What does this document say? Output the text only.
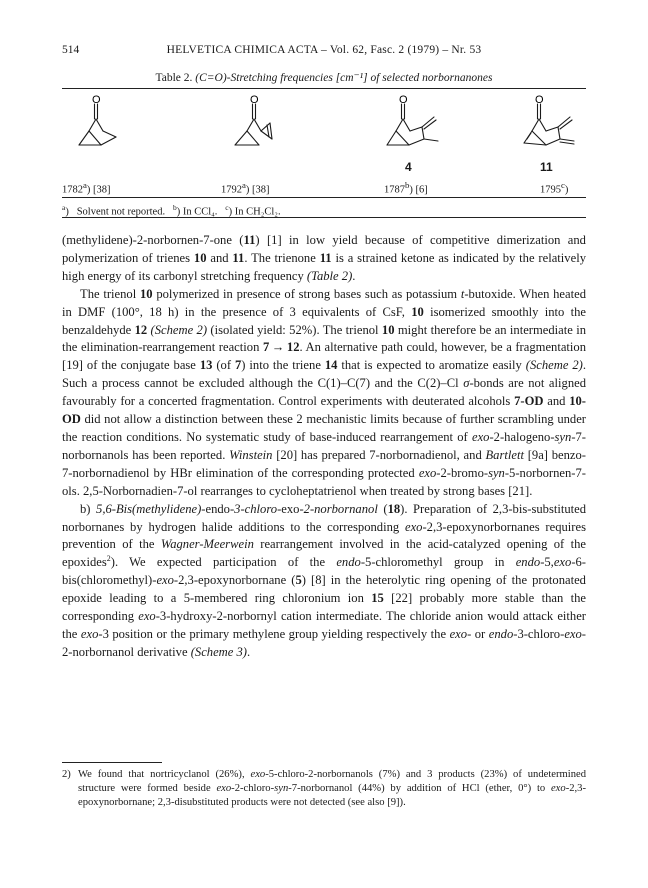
514	HELVETICA CHIMICA ACTA – Vol. 62, Fasc. 2 (1979) – Nr. 53
Table 2. (C=O)-Stretching frequencies [cm⁻¹] of selected norbornanones
O	O	O
4
O
11
1782$^a$) [38]	1792$^a$) [38]	1787$^b$) [6]	1795$^c$)
$^a$)   Solvent not reported. $^b$) In CCl₄. $^c$) In CH₂Cl₂.

(methylidene)-2-norbornen-7-one (11) [1] in low yield because of competitive dimerization and polymerization of trienes 10 and 11. The trienone 11 is a strained ketone as indicated by the relatively high energy of its carbonyl stretching frequency (Table 2).

The trienol 10 polymerized in presence of strong bases such as potassium t-butoxide. When heated in DMF (100°, 18 h) in the presence of 3 equivalents of CsF, 10 isomerized smoothly into the benzaldehyde 12 (Scheme 2) (isolated yield: 52%). The trienol 10 might therefore be an intermediate in the elimination-rearrangement reaction 7 → 12. An alternative path could, however, be a fragmentation [19] of the conjugate base 13 (of 7) into the triene 14 that is expected to aromatize easily (Scheme 2). Such a process cannot be excluded although the C(1)–C(7) and the C(2)–Cl σ-bonds are not aligned favourably for a concerted fragmentation. Control experiments with deuterated alcohols 7-OD and 10-OD did not allow a distinction between these 2 mechanistic limits because of further scrambling under the reaction conditions. No systematic study of base-induced rearrangement of exo-2-halogeno-syn-7-norbornanols has been reported. Winstein [20] has prepared 7-norbornadienol, and Bartlett [9a] benzo-7-norbornadienol by HBr elimination of the corresponding protected exo-2-bromo-syn-5-norbornen-7-ols. 2,5-Norbornadien-7-ol rearranges to cycloheptatrienol when treated by strong bases [21].

b) 5,6-Bis(methylidene)-endo-3-chloro-exo-2-norbornanol (18). Preparation of 2,3-bis-substituted norbornanes by hydrogen halide additions to the corresponding exo-2,3-epoxynorbornanes requires prevention of the Wagner-Meerwein rearrangement involved in the acid-catalyzed opening of the epoxides$^2$). We expected participation of the endo-5-chloromethyl group in endo-5,exo-6-bis(chloromethyl)-exo-2,3-epoxynorbornane (5) [8] in the heterolytic ring opening of the protonated epoxide leading to a 5-membered ring chloronium ion 15 [22] probably more stable than the corresponding exo-3-hydroxy-2-norbornyl cation intermediate. The chloride anion would attack either the exo-3 position or the primary methylene group yielding respectively the exo- or endo-3-chloro-exo-2-norbornanol derivative (Scheme 3).

2) We found that nortricyclanol (26%), exo-5-chloro-2-norbornanols (7%) and 3 products (23%) of undetermined structure were formed beside exo-2-chloro-syn-7-norbornanol (44%) by addition of HCl (ether, 0°) to exo-2,3-epoxynorbornane; 2,3-disubstituted products were not detected (see also [9]).
